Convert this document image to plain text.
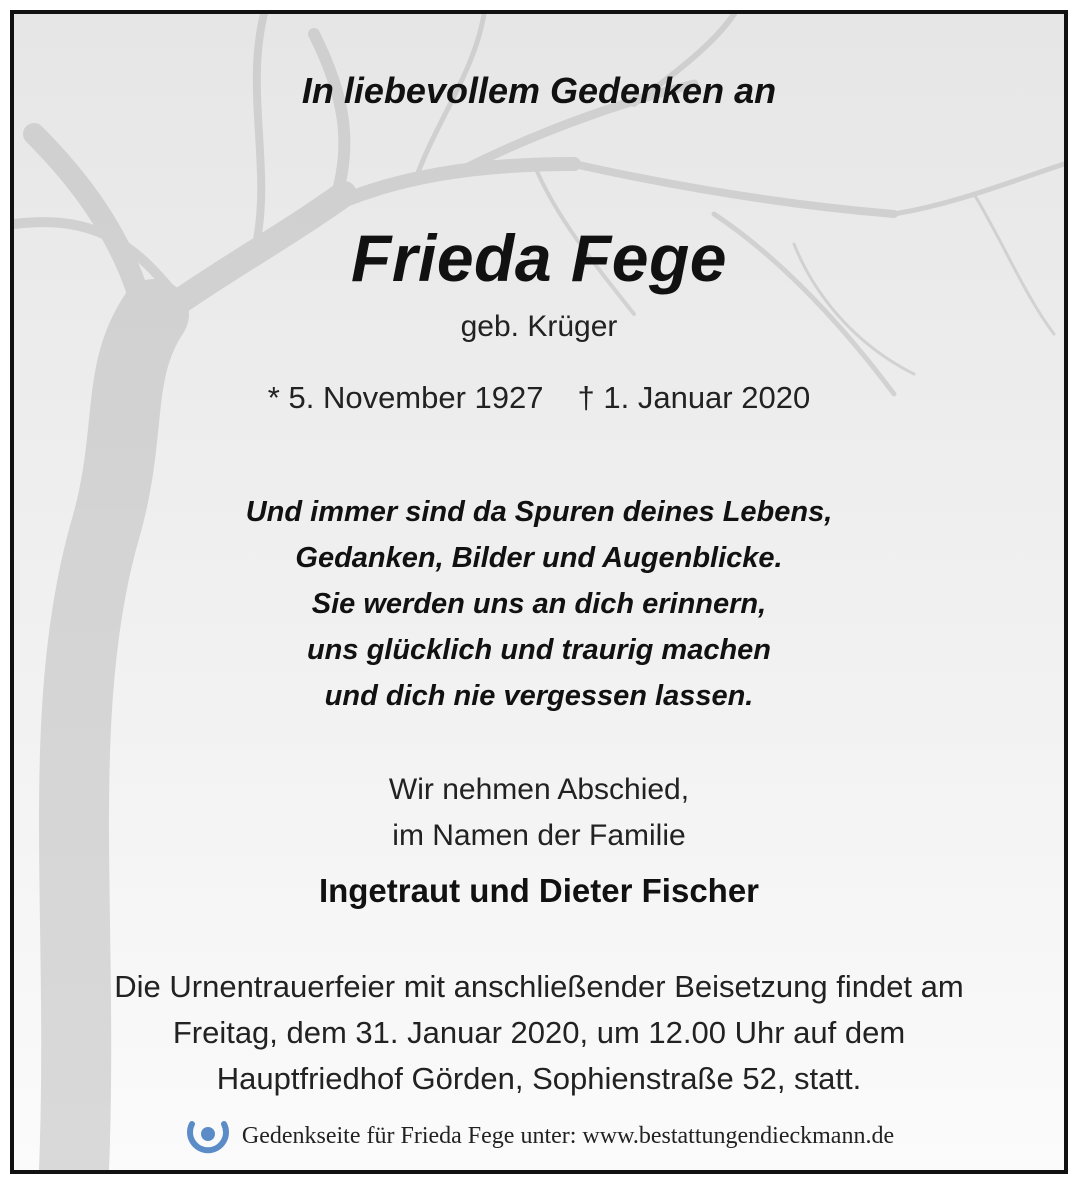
In liebevollem Gedenken an
Frieda Fege
geb. Krüger
* 5. November 1927 † 1. Januar 2020
Und immer sind da Spuren deines Lebens,
Gedanken, Bilder und Augenblicke.
Sie werden uns an dich erinnern,
uns glücklich und traurig machen
und dich nie vergessen lassen.
Wir nehmen Abschied,
im Namen der Familie
Ingetraut und Dieter Fischer
Die Urnentrauerfeier mit anschließender Beisetzung findet am
Freitag, dem 31. Januar 2020, um 12.00 Uhr auf dem
Hauptfriedhof Görden, Sophienstraße 52, statt.
Gedenkseite für Frieda Fege unter: www.bestattungendieckmann.de
